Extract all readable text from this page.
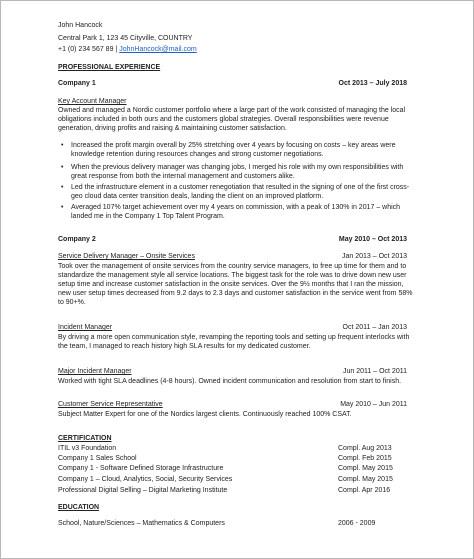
John Hancock
Central Park 1, 123 45 Cityville, COUNTRY
+1 (0) 234 567 89 | JohnHancock@mail.com
PROFESSIONAL EXPERIENCE
Company 1	Oct 2013 – July 2018
Key Account Manager
Owned and managed a Nordic customer portfolio where a large part of the work consisted of managing the local obligations included in both ours and the customers global strategies. Overall responsibilities were revenue generation, driving profits and raising & maintaining customer satisfaction.
• Increased the profit margin overall by 25% stretching over 4 years by focusing on costs – key areas were knowledge retention during resources changes and strong customer negotiations.
• When the previous delivery manager was changing jobs, I merged his role with my own responsibilities with great response from both the internal management and customers alike.
• Led the infrastructure element in a customer renegotiation that resulted in the signing of one of the first cross-geo cloud data center transition deals, landing the client on an improved platform.
• Averaged 107% target achievement over my 4 years on commission, with a peak of 130% in 2017 – which landed me in the Company 1 Top Talent Program.
Company 2	May 2010 – Oct 2013
Service Delivery Manager – Onsite Services	Jan 2013 – Oct 2013
Took over the management of onsite services from the country service managers, to free up time for them and to standardize the management style all service locations. The biggest task for the role was to drive down new user setup time and increase customer satisfaction in the onsite services. Over the 9½ months that I ran the mission, new user setup times decreased from 9.2 days to 2.3 days and customer satisfaction in the service went from 58% to 90+%.
Incident Manager	Oct 2011 – Jan 2013
By driving a more open communication style, revamping the reporting tools and setting up frequent interlocks with the team, I managed to reach history high SLA results for my dedicated customer.
Major Incident Manager	Jun 2011 – Oct 2011
Worked with tight SLA deadlines (4-8 hours). Owned incident communication and resolution from start to finish.
Customer Service Representative	May 2010 – Jun 2011
Subject Matter Expert for one of the Nordics largest clients. Continuously reached 100% CSAT.
CERTIFICATION
ITIL v3 Foundation	Compl. Aug 2013
Company 1 Sales School	Compl. Feb 2015
Company 1 - Software Defined Storage Infrastructure	Compl. May 2015
Company 1 – Cloud, Analytics, Social, Security Services	Compl. May 2015
Professional Digital Selling – Digital Marketing Institute	Compl. Apr 2016
EDUCATION
School, Nature/Sciences – Mathematics & Computers	2006 - 2009
